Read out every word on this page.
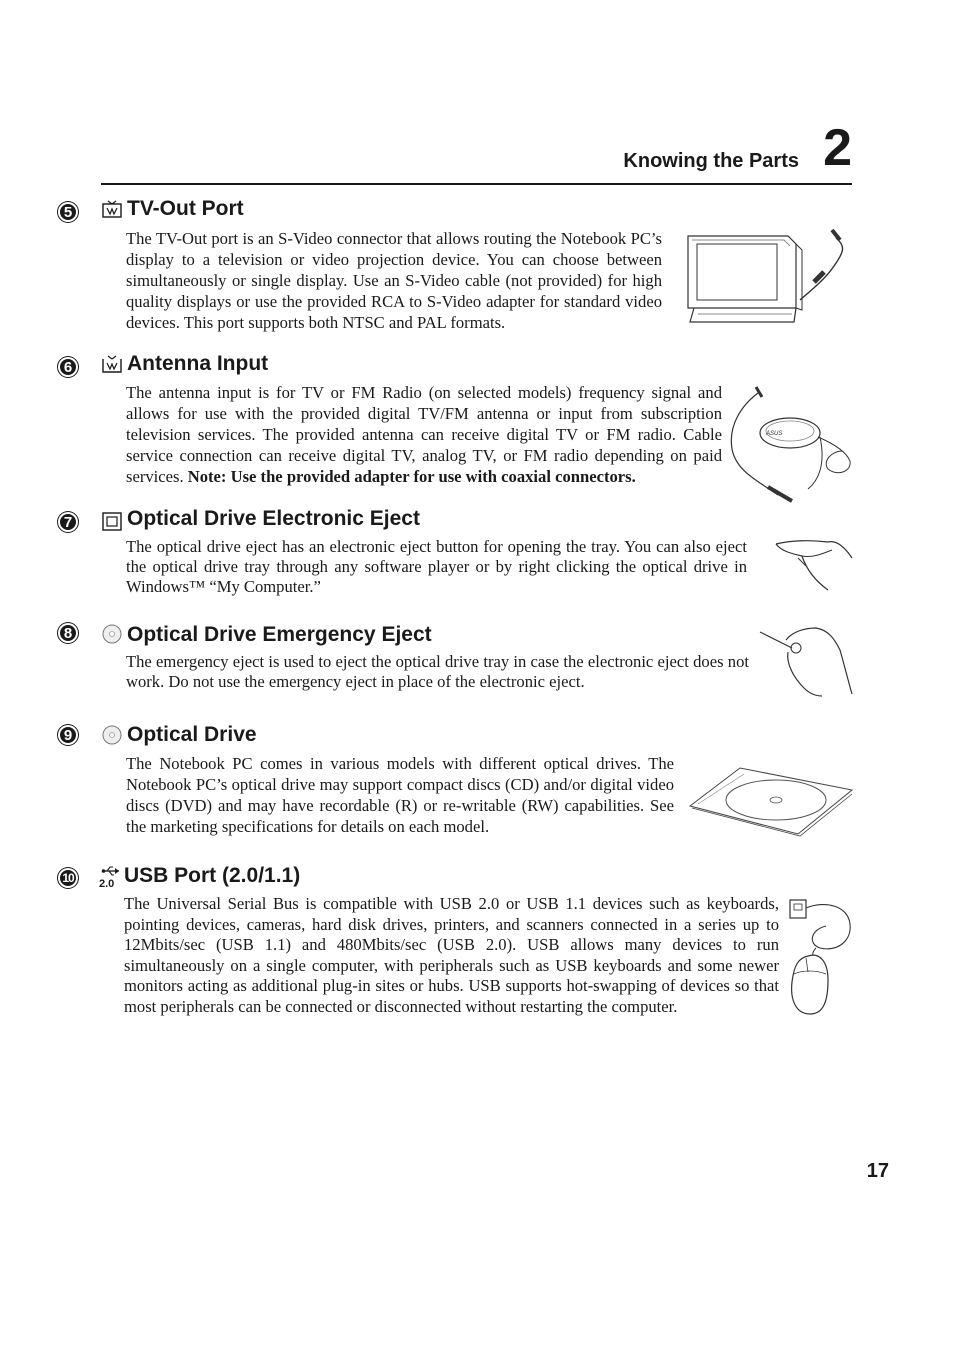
Knowing the Parts 2
5	TV-Out Port

The TV-Out port is an S-Video connector that allows routing the Notebook PC’s display to a television or video projection device. You can choose between simultaneously or single display. Use an S-Video cable (not provided) for high quality displays or use the provided RCA to S-Video adapter for standard video devices. This port supports both NTSC and PAL formats.

6	Antenna Input

The antenna input is for TV or FM Radio (on selected models) frequency signal and allows for use with the provided digital TV/FM antenna or input from subscription television services. The provided antenna can receive digital TV or FM radio. Cable service connection can receive digital TV, analog TV, or FM radio depending on paid services. Note: Use the provided adapter for use with coaxial connectors.

ASUS
7	Optical Drive Electronic Eject

The optical drive eject has an electronic eject button for opening the tray. You can also eject the optical drive tray through any software player or by right clicking the optical drive in Windows™ “My Computer.”

8	Optical Drive Emergency Eject

The emergency eject is used to eject the optical drive tray in case the electronic eject does not work. Do not use the emergency eject in place of the electronic eject.

9	Optical Drive

The Notebook PC comes in various models with different optical drives. The Notebook PC’s optical drive may support compact discs (CD) and/or digital video discs (DVD) and may have recordable (R) or re-writable (RW) capabilities. See the marketing specifications for details on each model.

10	2.0 USB Port (2.0/1.1)

The Universal Serial Bus is compatible with USB 2.0 or USB 1.1 devices such as keyboards, pointing devices, cameras, hard disk drives, printers, and scanners connected in a series up to 12Mbits/sec (USB 1.1) and 480Mbits/sec (USB 2.0). USB allows many devices to run simultaneously on a single computer, with peripherals such as USB keyboards and some newer monitors acting as additional plug-in sites or hubs. USB supports hot-swapping of devices so that most peripherals can be connected or disconnected without restarting the computer.

17
